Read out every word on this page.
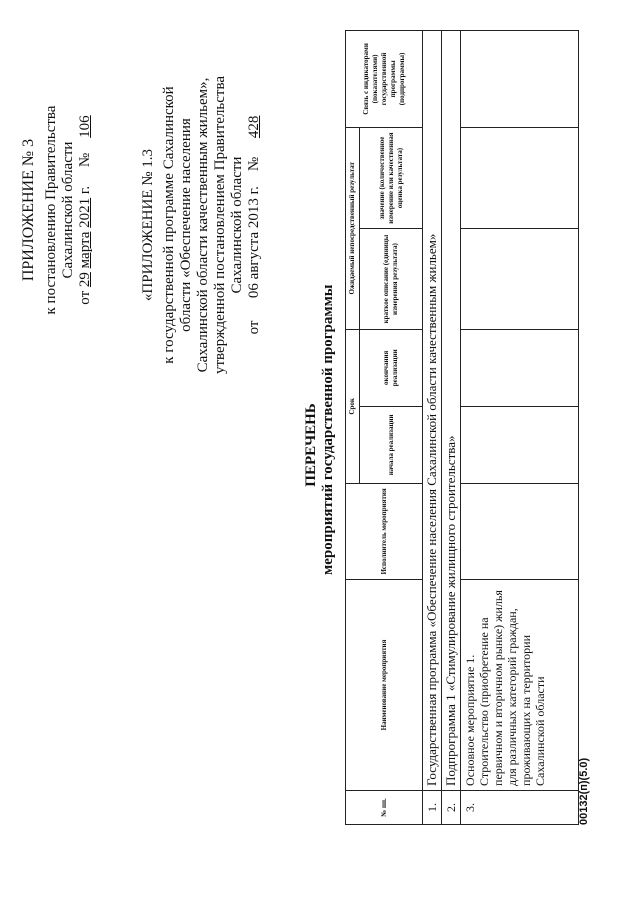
ПРИЛОЖЕНИЕ № 3 к постановлению Правительства Сахалинской области
от 29 марта 2021 г.     №    106
«ПРИЛОЖЕНИЕ № 1.3 к государственной программе Сахалинской области «Обеспечение населения Сахалинской области качественным жильем», утвержденной постановлением Правительства Сахалинской области
от      06 августа 2013 г.    №     428
ПЕРЕЧЕНЬ мероприятий государственной программы
№ пп.	Наименование мероприятия	Исполнитель мероприятия	Срок		Ожидаемый непосредственный результат		Связь с индикаторами (показателями) государственной программы (подпрограммы)
			начала реализации	окончания реализации	краткое описание (единицы измерения результата)	значение (количественное измерение или качественная оценка результата)	
1.	Государственная программа «Обеспечение населения Сахалинской области качественным жильем»						
2.	Подпрограмма 1 «Стимулирование жилищного строительства»						
3.	Основное мероприятие 1. Строительство (приобретение на первичном и вторичном рынке) жилья для различных категорий граждан, проживающих на территории Сахалинской области						
00132(п)(5.0)
